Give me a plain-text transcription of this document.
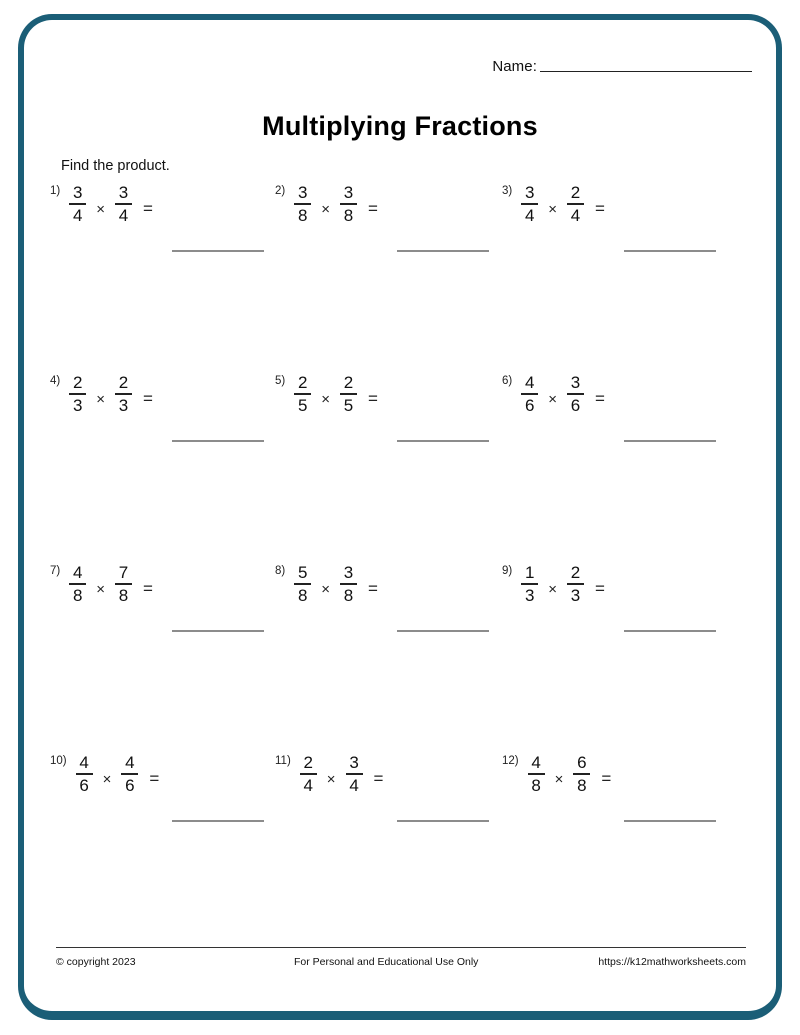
Name:
Multiplying Fractions
Find the product.
$1) \frac{3}{4} \times \frac{3}{4}$ =
$2) \frac{3}{8} \times \frac{3}{8}$ =
$3) \frac{3}{4} \times \frac{2}{4}$ =
$4) \frac{2}{3} \times \frac{2}{3}$ =
$5) \frac{2}{5} \times \frac{2}{5}$ =
$6) \frac{4}{6} \times \frac{3}{6}$ =
$7) \frac{4}{8} \times \frac{7}{8}$ =
$8) \frac{5}{8} \times \frac{3}{8}$ =
$9) \frac{1}{3} \times \frac{2}{3}$ =
$10) \frac{4}{6} \times \frac{4}{6}$ =
$11) \frac{2}{4} \times \frac{3}{4}$ =
$12) \frac{4}{8} \times \frac{6}{8}$ =
© copyright 2023	For Personal and Educational Use Only	https://k12mathworksheets.com
